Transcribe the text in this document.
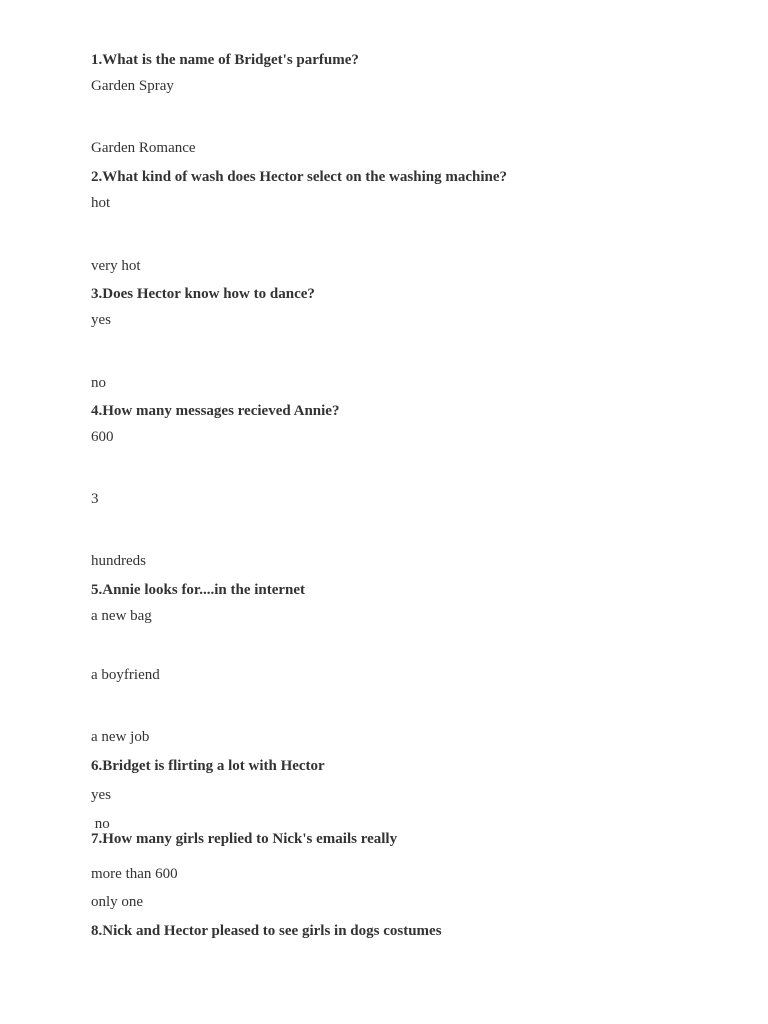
1.What is the name of Bridget's parfume?
Garden Spray
Garden Romance
2.What kind of wash does Hector select on the washing machine?
hot
very hot
3.Does Hector know how to dance?
yes
no
4.How many messages recieved Annie?
600
3
hundreds
5.Annie looks for....in the internet
a new bag
a boyfriend
a new job
6.Bridget is flirting a lot with Hector
yes
no
7.How many girls replied to Nick's emails really
more than 600
only one
8.Nick and Hector pleased to see girls in dogs costumes
